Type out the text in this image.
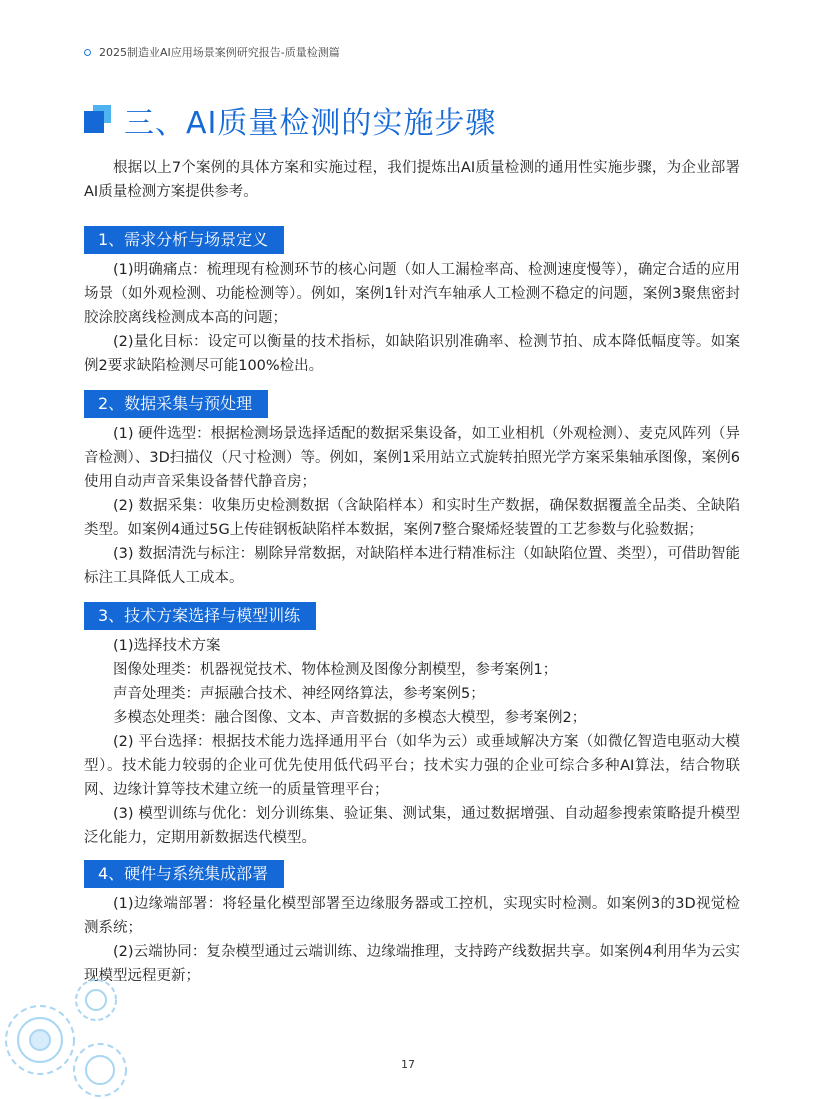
2025制造业AI应用场景案例研究报告-质量检测篇
三、AI质量检测的实施步骤

根据以上7个案例的具体方案和实施过程，我们提炼出AI质量检测的通用性实施步骤，为企业部署AI质量检测方案提供参考。

1、需求分析与场景定义

(1)明确痛点：梳理现有检测环节的核心问题（如人工漏检率高、检测速度慢等），确定合适的应用场景（如外观检测、功能检测等）。例如，案例1针对汽车轴承人工检测不稳定的问题，案例3聚焦密封胶涂胶离线检测成本高的问题；

(2)量化目标：设定可以衡量的技术指标，如缺陷识别准确率、检测节拍、成本降低幅度等。如案例2要求缺陷检测尽可能100%检出。

2、数据采集与预处理

(1) 硬件选型：根据检测场景选择适配的数据采集设备，如工业相机（外观检测）、麦克风阵列（异音检测）、3D扫描仪（尺寸检测）等。例如，案例1采用站立式旋转拍照光学方案采集轴承图像，案例6使用自动声音采集设备替代静音房；

(2) 数据采集：收集历史检测数据（含缺陷样本）和实时生产数据，确保数据覆盖全品类、全缺陷类型。如案例4通过5G上传硅钢板缺陷样本数据，案例7整合聚烯烃装置的工艺参数与化验数据；

(3) 数据清洗与标注：剔除异常数据，对缺陷样本进行精准标注（如缺陷位置、类型），可借助智能标注工具降低人工成本。

3、技术方案选择与模型训练

(1)选择技术方案

图像处理类：机器视觉技术、物体检测及图像分割模型，参考案例1；

声音处理类：声振融合技术、神经网络算法，参考案例5；

多模态处理类：融合图像、文本、声音数据的多模态大模型，参考案例2；

(2) 平台选择：根据技术能力选择通用平台（如华为云）或垂域解决方案（如微亿智造电驱动大模型）。技术能力较弱的企业可优先使用低代码平台；技术实力强的企业可综合多种AI算法，结合物联网、边缘计算等技术建立统一的质量管理平台；

(3) 模型训练与优化：划分训练集、验证集、测试集，通过数据增强、自动超参搜索策略提升模型泛化能力，定期用新数据迭代模型。

4、硬件与系统集成部署

(1)边缘端部署：将轻量化模型部署至边缘服务器或工控机，实现实时检测。如案例3的3D视觉检测系统；

(2)云端协同：复杂模型通过云端训练、边缘端推理，支持跨产线数据共享。如案例4利用华为云实现模型远程更新；

17
